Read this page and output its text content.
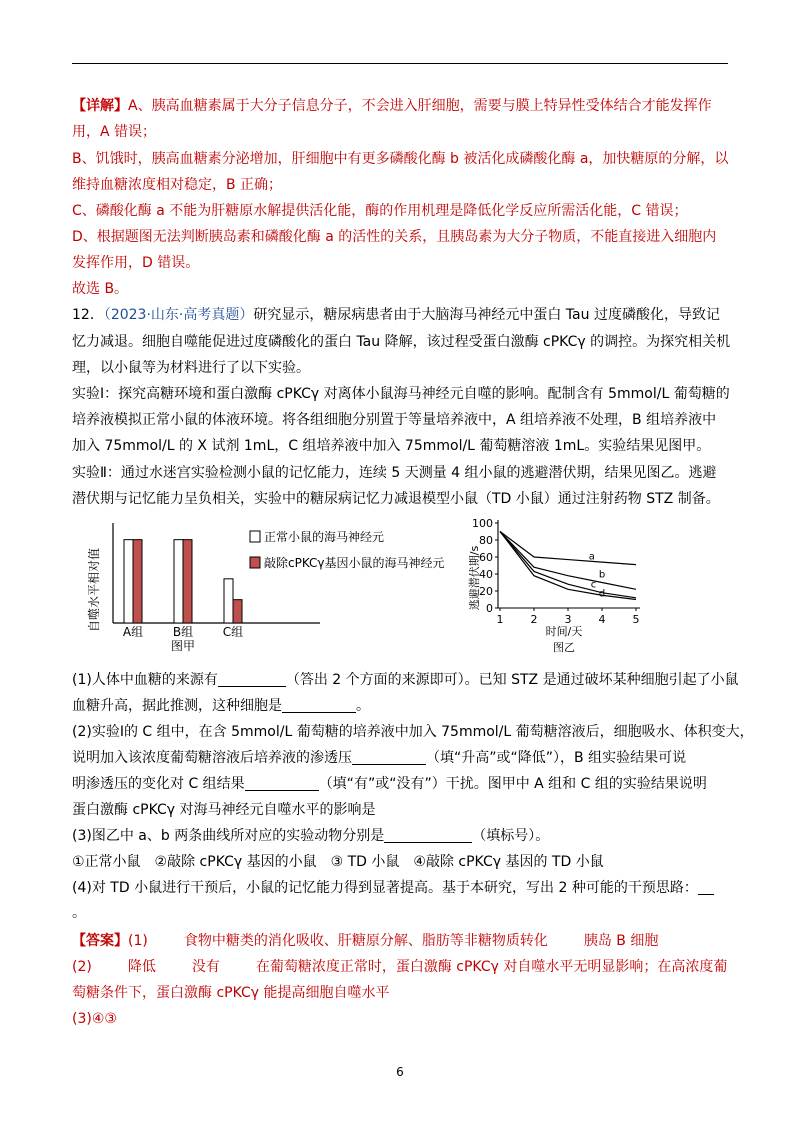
【详解】A、胰高血糖素属于大分子信息分子，不会进入肝细胞，需要与膜上特异性受体结合才能发挥作
用，A 错误；
B、饥饿时，胰高血糖素分泌增加，肝细胞中有更多磷酸化酶 b 被活化成磷酸化酶 a，加快糖原的分解，以
维持血糖浓度相对稳定，B 正确；
C、磷酸化酶 a 不能为肝糖原水解提供活化能，酶的作用机理是降低化学反应所需活化能，C 错误；
D、根据题图无法判断胰岛素和磷酸化酶 a 的活性的关系，且胰岛素为大分子物质，不能直接进入细胞内
发挥作用，D 错误。
故选 B。
12．（2023·山东·高考真题）研究显示，糖尿病患者由于大脑海马神经元中蛋白 Tau 过度磷酸化，导致记
忆力减退。细胞自噬能促进过度磷酸化的蛋白 Tau 降解，该过程受蛋白激酶 cPKCγ 的调控。为探究相关机
理，以小鼠等为材料进行了以下实验。
实验Ⅰ：探究高糖环境和蛋白激酶 cPKCγ 对离体小鼠海马神经元自噬的影响。配制含有 5mmol/L 葡萄糖的
培养液模拟正常小鼠的体液环境。将各组细胞分别置于等量培养液中，A 组培养液不处理，B 组培养液中
加入 75mmol/L 的 X 试剂 1mL，C 组培养液中加入 75mmol/L 葡萄糖溶液 1mL。实验结果见图甲。
实验Ⅱ：通过水迷宫实验检测小鼠的记忆能力，连续 5 天测量 4 组小鼠的逃避潜伏期，结果见图乙。逃避
潜伏期与记忆能力呈负相关，实验中的糖尿病记忆力减退模型小鼠（TD 小鼠）通过注射药物 STZ 制备。
自噬水平相对值 A组 B组 C组
图甲
正常小鼠的海马神经元
敲除cPKCγ基因小鼠的海马神经元 逃避潜伏期/s 0
20
40
60
80
100
1 2 3 4 5
a
b
c
d
时间/天
图乙
(1)人体中血糖的来源有	（答出 2 个方面的来源即可）。已知 STZ 是通过破坏某种细胞引起了小鼠
血糖升高，据此推测，这种细胞是	。
(2)实验Ⅰ的 C 组中，在含 5mmol/L 葡萄糖的培养液中加入 75mmol/L 葡萄糖溶液后，细胞吸水、体积变大，
说明加入该浓度葡萄糖溶液后培养液的渗透压	（填“升高”或“降低”），B 组实验结果可说
明渗透压的变化对 C 组结果	（填“有”或“没有”）干扰。图甲中 A 组和 C 组的实验结果说明
蛋白激酶 cPKCγ 对海马神经元自噬水平的影响是
(3)图乙中 a、b 两条曲线所对应的实验动物分别是	（填标号）。
①正常小鼠　②敲除 cPKCγ 基因的小鼠　③ TD 小鼠　④敲除 cPKCγ 基因的 TD 小鼠
(4)对 TD 小鼠进行干预后，小鼠的记忆能力得到显著提高。基于本研究，写出 2 种可能的干预思路：
。
【答案】(1)	食物中糖类的消化吸收、肝糖原分解、脂肪等非糖物质转化	胰岛 B 细胞
(2)	降低	没有	在葡萄糖浓度正常时，蛋白激酶 cPKCγ 对自噬水平无明显影响；在高浓度葡
萄糖条件下，蛋白激酶 cPKCγ 能提高细胞自噬水平
(3)④③
6
